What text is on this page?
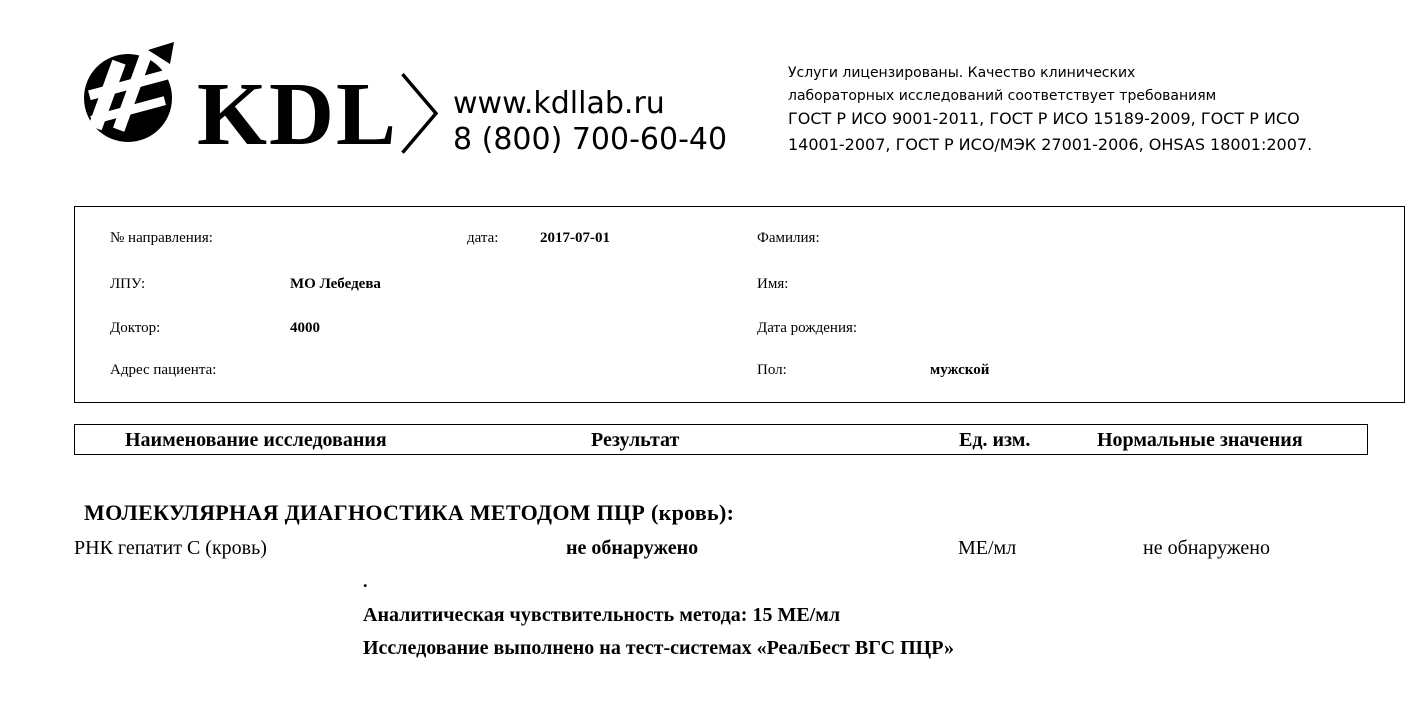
KDL 〉
www.kdllab.ru
8 (800) 700-60-40
Услуги лицензированы. Качество клинических
лабораторных исследований соответствует требованиям
ГОСТ Р ИСО 9001-2011, ГОСТ Р ИСО 15189-2009, ГОСТ Р ИСО
14001-2007, ГОСТ Р ИСО/МЭК 27001-2006, OHSAS 18001:2007.
№ направления:	дата:	2017-07-01
ЛПУ:	МО Лебедева
Доктор:	4000
Адрес пациента:
Фамилия:
Имя:
Дата рождения:
Пол:	мужской
Наименование исследования	Результат	Ед. изм.	Нормальные значения
МОЛЕКУЛЯРНАЯ ДИАГНОСТИКА МЕТОДОМ ПЦР (кровь):
РНК гепатит С (кровь)	не обнаружено	МЕ/мл	не обнаружено
.
Аналитическая чувствительность метода: 15 МЕ/мл
Исследование выполнено на тест-системах «РеалБест ВГС ПЦР»
